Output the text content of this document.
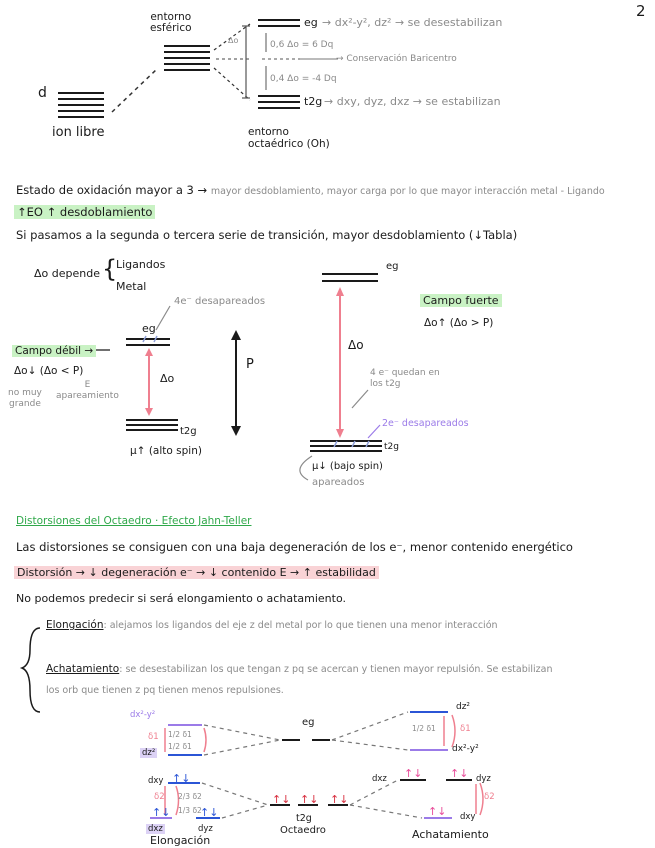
2
d
ion libre
entorno
esférico	eg → dx²-y², dz² → se desestabilizan
t2g → dxy, dyz, dxz → se estabilizan
Δo	0,6 Δo = 6 Dq
0,4 Δo = -4 Dq
→ Conservación Baricentro
entorno
octaédrico (Oh)
Estado de oxidación mayor a 3 → mayor desdoblamiento, mayor carga por lo que mayor interacción metal - Ligando
↑EO ↑ desdoblamiento
Si pasamos a la segunda o tercera serie de transición, mayor desdoblamiento (↓Tabla)
Δo depende {
Ligandos
Metal
4e⁻ desapareados
eg
t2g
Campo débil →
Δo↓ (Δo < P)
no muy
grande
E
apareamiento
Δo
μ↑ (alto spin)
P
eg
Δo
Campo fuerte
Δo↑ (Δo > P)
4 e⁻ quedan en
los t2g
2e⁻ desapareados
t2g
μ↓ (bajo spin)
apareados
Distorsiones del Octaedro · Efecto Jahn-Teller
Las distorsiones se consiguen con una baja degeneración de los e⁻, menor contenido energético
Distorsión → ↓ degeneración e⁻ → ↓ contenido E → ↑ estabilidad
No podemos predecir si será elongamiento o achatamiento.
Elongación: alejamos los ligandos del eje z del metal por lo que tienen una menor interacción
Achatamiento: se desestabilizan los que tengan z pq se acercan y tienen mayor repulsión. Se estabilizan
los orb que tienen z pq tienen menos repulsiones.
dx²-y²
dz²
δ1 1/2 δ1
1/2 δ1
dxy
δ2 2/3 δ2
1/3 δ2
dxz	dyz
↑↓
↑↓	↑↓
eg
↑↓ ↑↓ ↑↓
t2g
Octaedro
Elongación	Achatamiento
dz²
dx²-y²
1/2 δ1	δ1
dxz	dyz
dxy
δ2
↑↓	↑↓
↑↓
